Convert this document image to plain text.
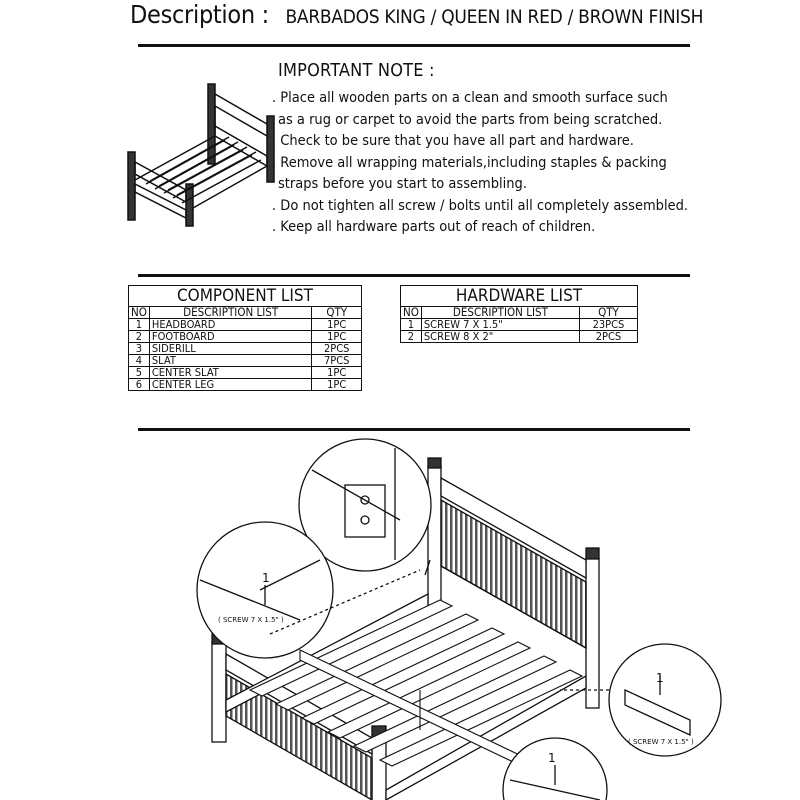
Description : BARBADOS KING / QUEEN IN RED / BROWN FINISH
IMPORTANT NOTE :
. Place all wooden parts on a clean and smooth surface such
as a rug or carpet to avoid the parts from being scratched.
. Check to be sure that you have all part and hardware.
. Remove all wrapping materials,including staples & packing
straps before you start to assembling.
. Do not tighten all screw / bolts until all completely assembled.
. Keep all hardware parts out of reach of children.
COMPONENT LIST		
NO	DESCRIPTION LIST	QTY
1	HEADBOARD	1PC
2	FOOTBOARD	1PC
3	SIDERILL	2PCS
4	SLAT	7PCS
5	CENTER SLAT	1PC
6	CENTER LEG	1PC
HARDWARE LIST		
NO	DESCRIPTION LIST	QTY
1	SCREW 7 X 1.5"	23PCS
2	SCREW 8 X 2"	2PCS
1
( SCREW 7 X 1.5" )
1
( SCREW 7 X 1.5" )
1
